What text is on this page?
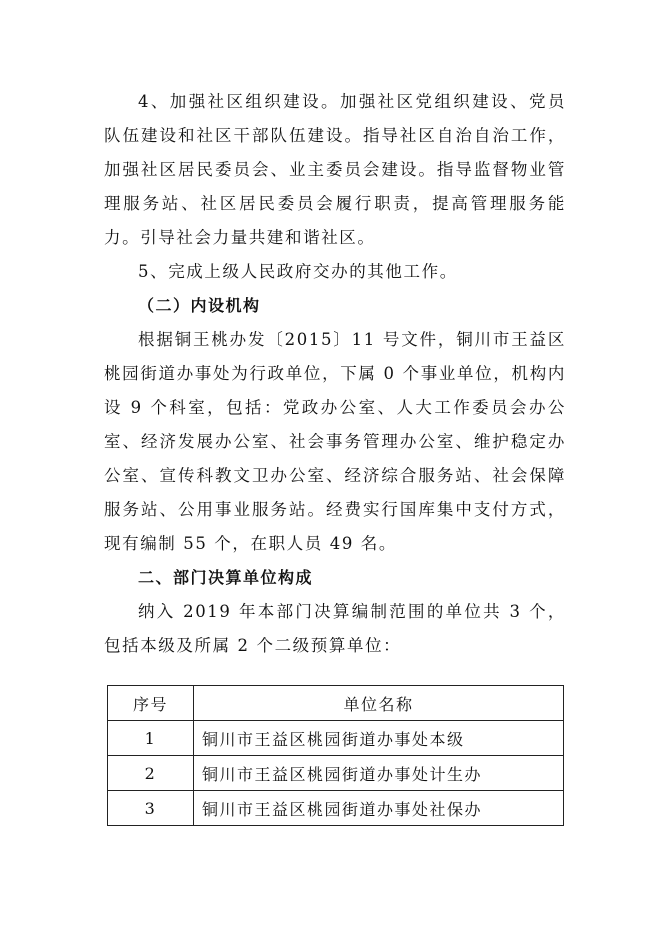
4、加强社区组织建设。加强社区党组织建设、党员队伍建设和社区干部队伍建设。指导社区自治自治工作，加强社区居民委员会、业主委员会建设。指导监督物业管理服务站、社区居民委员会履行职责，提高管理服务能力。引导社会力量共建和谐社区。

5、完成上级人民政府交办的其他工作。

（二）内设机构

根据铜王桃办发〔2015〕11 号文件，铜川市王益区桃园街道办事处为行政单位，下属 0 个事业单位，机构内设 9 个科室，包括：党政办公室、人大工作委员会办公室、经济发展办公室、社会事务管理办公室、维护稳定办公室、宣传科教文卫办公室、经济综合服务站、社会保障服务站、公用事业服务站。经费实行国库集中支付方式，现有编制 55 个，在职人员 49 名。

二、部门决算单位构成

纳入 2019 年本部门决算编制范围的单位共 3 个，包括本级及所属 2 个二级预算单位：

序号	单位名称
1	铜川市王益区桃园街道办事处本级
2	铜川市王益区桃园街道办事处计生办
3	铜川市王益区桃园街道办事处社保办
